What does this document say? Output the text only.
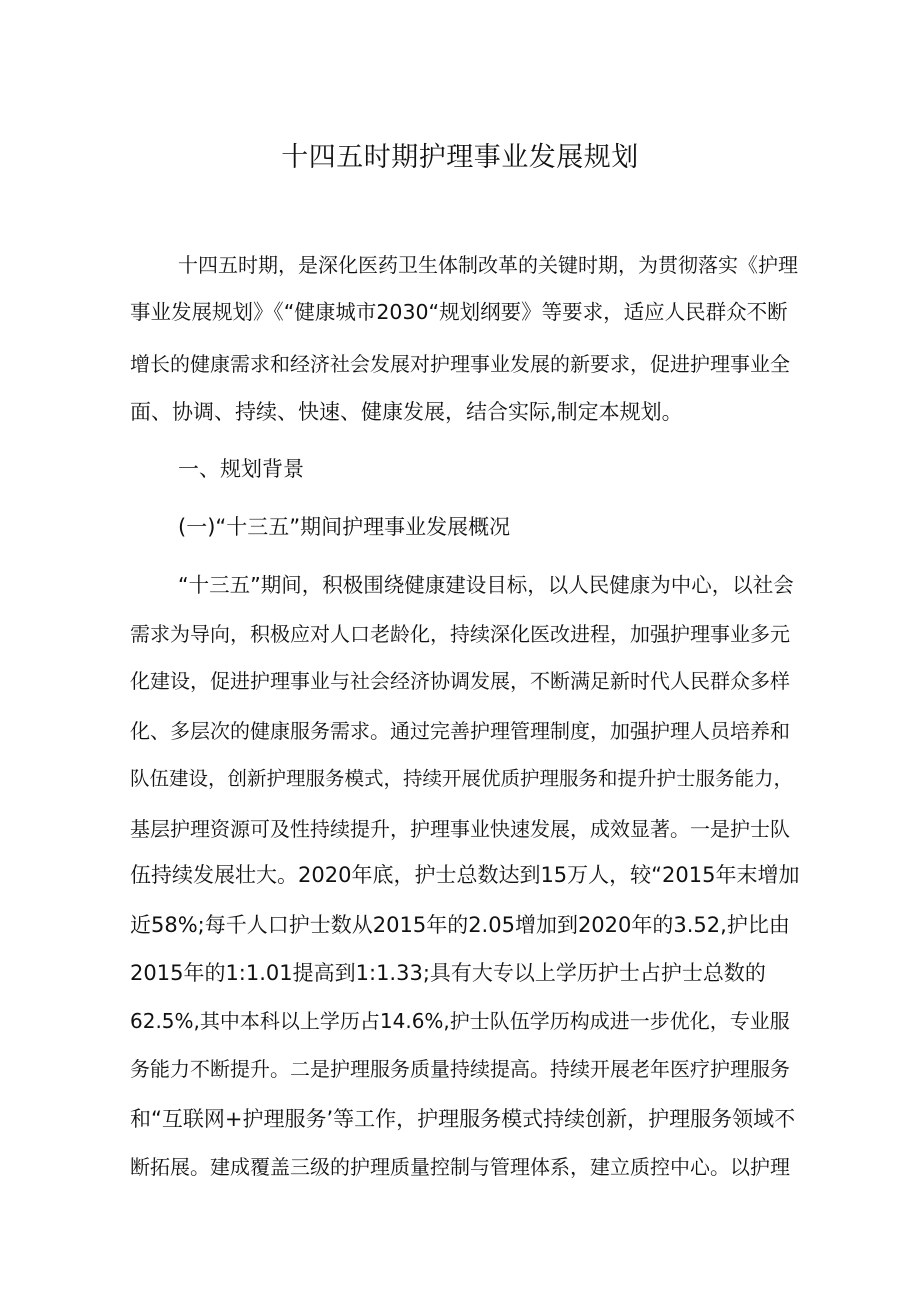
十四五时期护理事业发展规划
十四五时期，是深化医药卫生体制改革的关键时期，为贯彻落实《护理
事业发展规划》《“健康城市2030“规划纲要》等要求，适应人民群众不断
增长的健康需求和经济社会发展对护理事业发展的新要求，促进护理事业全
面、协调、持续、快速、健康发展，结合实际,制定本规划。
一、规划背景
(一)“十三五”期间护理事业发展概况
“十三五”期间，积极围绕健康建设目标，以人民健康为中心，以社会
需求为导向，积极应对人口老龄化，持续深化医改进程，加强护理事业多元
化建设，促进护理事业与社会经济协调发展，不断满足新时代人民群众多样
化、多层次的健康服务需求。通过完善护理管理制度，加强护理人员培养和
队伍建设，创新护理服务模式，持续开展优质护理服务和提升护士服务能力，
基层护理资源可及性持续提升，护理事业快速发展，成效显著。一是护士队
伍持续发展壮大。2020年底，护士总数达到15万人，较“2015年末增加
近58%;每千人口护士数从2015年的2.05增加到2020年的3.52,护比由
2015年的1:1.01提高到1:1.33;具有大专以上学历护士占护士总数的
62.5%,其中本科以上学历占14.6%,护士队伍学历构成进一步优化，专业服
务能力不断提升。二是护理服务质量持续提高。持续开展老年医疗护理服务
和“互联网+护理服务’等工作，护理服务模式持续创新，护理服务领域不
断拓展。建成覆盖三级的护理质量控制与管理体系，建立质控中心。以护理
